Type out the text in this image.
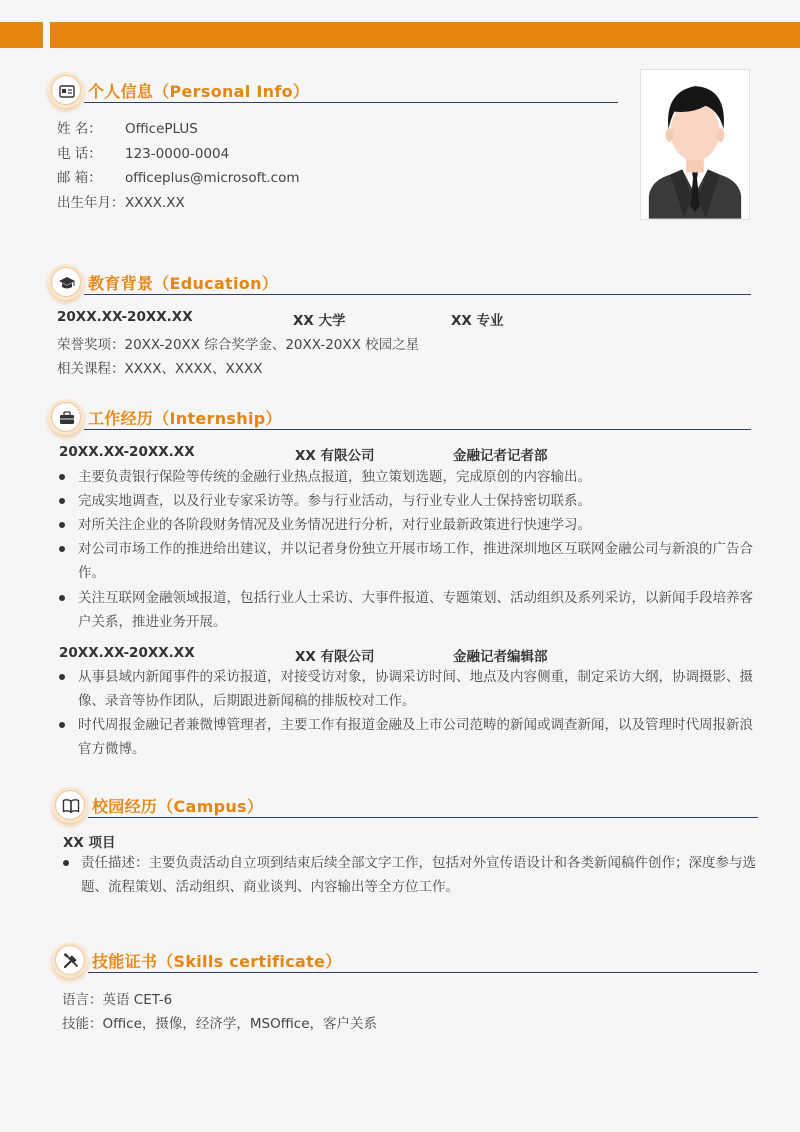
个人信息（Personal Info）
姓 名： OfficePLUS
电 话： 123-0000-0004
邮 箱： officeplus@microsoft.com
出生年月：XXXX.XX
教育背景（Education）
20XX.XX-20XX.XX	XX 大学	XX 专业
荣誉奖项：20XX-20XX 综合奖学金、20XX-20XX 校园之星
相关课程：XXXX、XXXX、XXXX
工作经历（Internship）
20XX.XX-20XX.XX	XX 有限公司	金融记者记者部
主要负责银行保险等传统的金融行业热点报道，独立策划选题，完成原创的内容输出。
完成实地调查，以及行业专家采访等。参与行业活动，与行业专业人士保持密切联系。
对所关注企业的各阶段财务情况及业务情况进行分析，对行业最新政策进行快速学习。
对公司市场工作的推进给出建议，并以记者身份独立开展市场工作，推进深圳地区互联网金融公司与新浪的广告合作。
关注互联网金融领域报道，包括行业人士采访、大事件报道、专题策划、活动组织及系列采访，以新闻手段培养客户关系，推进业务开展。
20XX.XX-20XX.XX	XX 有限公司	金融记者编辑部
从事县域内新闻事件的采访报道，对接受访对象，协调采访时间、地点及内容侧重，制定采访大纲，协调摄影、摄像、录音等协作团队，后期跟进新闻稿的排版校对工作。
时代周报金融记者兼微博管理者，主要工作有报道金融及上市公司范畴的新闻或调查新闻，以及管理时代周报新浪官方微博。
校园经历（Campus）
XX 项目
责任描述：主要负责活动自立项到结束后续全部文字工作，包括对外宣传语设计和各类新闻稿件创作；深度参与选题、流程策划、活动组织、商业谈判、内容输出等全方位工作。
技能证书（Skills certificate）
语言：英语 CET-6
技能：Office，摄像，经济学，MSOffice，客户关系
